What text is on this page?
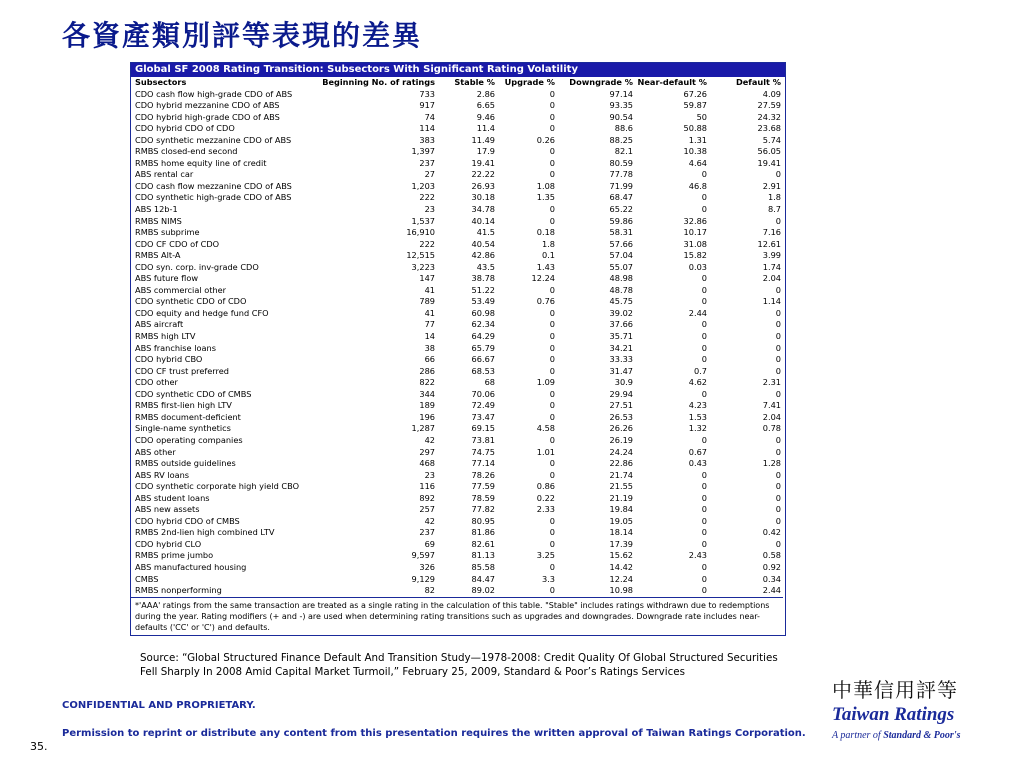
各資產類別評等表現的差異
Global SF 2008 Rating Transition: Subsectors With Significant Rating Volatility
Subsectors	Beginning No. of ratings	Stable %	Upgrade %	Downgrade %	Near-default %	Default %
CDO cash flow high-grade CDO of ABS	733	2.86	0	97.14	67.26	4.09
CDO hybrid mezzanine CDO of ABS	917	6.65	0	93.35	59.87	27.59
CDO hybrid high-grade CDO of ABS	74	9.46	0	90.54	50	24.32
CDO hybrid CDO of CDO	114	11.4	0	88.6	50.88	23.68
CDO synthetic mezzanine CDO of ABS	383	11.49	0.26	88.25	1.31	5.74
RMBS closed-end second	1,397	17.9	0	82.1	10.38	56.05
RMBS home equity line of credit	237	19.41	0	80.59	4.64	19.41
ABS rental car	27	22.22	0	77.78	0	0
CDO cash flow mezzanine CDO of ABS	1,203	26.93	1.08	71.99	46.8	2.91
CDO synthetic high-grade CDO of ABS	222	30.18	1.35	68.47	0	1.8
ABS 12b-1	23	34.78	0	65.22	0	8.7
RMBS NIMS	1,537	40.14	0	59.86	32.86	0
RMBS subprime	16,910	41.5	0.18	58.31	10.17	7.16
CDO CF CDO of CDO	222	40.54	1.8	57.66	31.08	12.61
RMBS Alt-A	12,515	42.86	0.1	57.04	15.82	3.99
CDO syn. corp. inv-grade CDO	3,223	43.5	1.43	55.07	0.03	1.74
ABS future flow	147	38.78	12.24	48.98	0	2.04
ABS commercial other	41	51.22	0	48.78	0	0
CDO synthetic CDO of CDO	789	53.49	0.76	45.75	0	1.14
CDO equity and hedge fund CFO	41	60.98	0	39.02	2.44	0
ABS aircraft	77	62.34	0	37.66	0	0
RMBS high LTV	14	64.29	0	35.71	0	0
ABS franchise loans	38	65.79	0	34.21	0	0
CDO hybrid CBO	66	66.67	0	33.33	0	0
CDO CF trust preferred	286	68.53	0	31.47	0.7	0
CDO other	822	68	1.09	30.9	4.62	2.31
CDO synthetic CDO of CMBS	344	70.06	0	29.94	0	0
RMBS first-lien high LTV	189	72.49	0	27.51	4.23	7.41
RMBS document-deficient	196	73.47	0	26.53	1.53	2.04
Single-name synthetics	1,287	69.15	4.58	26.26	1.32	0.78
CDO operating companies	42	73.81	0	26.19	0	0
ABS other	297	74.75	1.01	24.24	0.67	0
RMBS outside guidelines	468	77.14	0	22.86	0.43	1.28
ABS RV loans	23	78.26	0	21.74	0	0
CDO synthetic corporate high yield CBO	116	77.59	0.86	21.55	0	0
ABS student loans	892	78.59	0.22	21.19	0	0
ABS new assets	257	77.82	2.33	19.84	0	0
CDO hybrid CDO of CMBS	42	80.95	0	19.05	0	0
RMBS 2nd-lien high combined LTV	237	81.86	0	18.14	0	0.42
CDO hybrid CLO	69	82.61	0	17.39	0	0
RMBS prime jumbo	9,597	81.13	3.25	15.62	2.43	0.58
ABS manufactured housing	326	85.58	0	14.42	0	0.92
CMBS	9,129	84.47	3.3	12.24	0	0.34
RMBS nonperforming	82	89.02	0	10.98	0	2.44
*'AAA' ratings from the same transaction are treated as a single rating in the calculation of this table. "Stable" includes ratings withdrawn due to redemptions during the year. Rating modifiers (+ and -) are used when determining rating transitions such as upgrades and downgrades. Downgrade rate includes near-defaults ('CC' or 'C') and defaults.
Source: “Global Structured Finance Default And Transition Study—1978-2008: Credit Quality Of Global Structured Securities Fell Sharply In 2008 Amid Capital Market Turmoil,” February 25, 2009, Standard & Poor’s Ratings Services
CONFIDENTIAL AND PROPRIETARY.
Permission to reprint or distribute any content from this presentation requires the written approval of Taiwan Ratings Corporation.
35.
中華信用評等
Taiwan Ratings
A partner of Standard & Poor's
